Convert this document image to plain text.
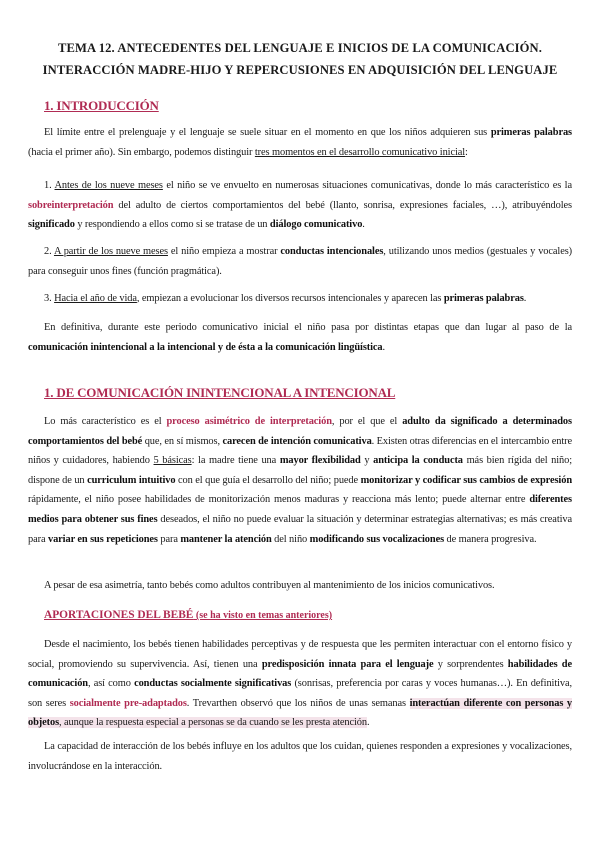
TEMA 12. ANTECEDENTES DEL LENGUAJE E INICIOS DE LA COMUNICACIÓN.
INTERACCIÓN MADRE-HIJO Y REPERCUSIONES EN ADQUISICIÓN DEL LENGUAJE
1. INTRODUCCIÓN
El límite entre el prelenguaje y el lenguaje se suele situar en el momento en que los niños adquieren sus primeras palabras (hacia el primer año). Sin embargo, podemos distinguir tres momentos en el desarrollo comunicativo inicial:
1. Antes de los nueve meses el niño se ve envuelto en numerosas situaciones comunicativas, donde lo más característico es la sobreinterpretación del adulto de ciertos comportamientos del bebé (llanto, sonrisa, expresiones faciales, …), atribuyéndoles significado y respondiendo a ellos como si se tratase de un diálogo comunicativo.
2. A partir de los nueve meses el niño empieza a mostrar conductas intencionales, utilizando unos medios (gestuales y vocales) para conseguir unos fines (función pragmática).
3. Hacia el año de vida, empiezan a evolucionar los diversos recursos intencionales y aparecen las primeras palabras.
En definitiva, durante este periodo comunicativo inicial el niño pasa por distintas etapas que dan lugar al paso de la comunicación inintencional a la intencional y de ésta a la comunicación lingüística.
1. DE COMUNICACIÓN ININTENCIONAL A INTENCIONAL
Lo más característico es el proceso asimétrico de interpretación, por el que el adulto da significado a determinados comportamientos del bebé que, en sí mismos, carecen de intención comunicativa. Existen otras diferencias en el intercambio entre niños y cuidadores, habiendo 5 básicas: la madre tiene una mayor flexibilidad y anticipa la conducta más bien rígida del niño; dispone de un curriculum intuitivo con el que guía el desarrollo del niño; puede monitorizar y codificar sus cambios de expresión rápidamente, el niño posee habilidades de monitorización menos maduras y reacciona más lento; puede alternar entre diferentes medios para obtener sus fines deseados, el niño no puede evaluar la situación y determinar estrategias alternativas; es más creativa para variar en sus repeticiones para mantener la atención del niño modificando sus vocalizaciones de manera progresiva.
A pesar de esa asimetría, tanto bebés como adultos contribuyen al mantenimiento de los inicios comunicativos.
APORTACIONES DEL BEBÉ (se ha visto en temas anteriores)
Desde el nacimiento, los bebés tienen habilidades perceptivas y de respuesta que les permiten interactuar con el entorno físico y social, promoviendo su supervivencia. Así, tienen una predisposición innata para el lenguaje y sorprendentes habilidades de comunicación, así como conductas socialmente significativas (sonrisas, preferencia por caras y voces humanas…). En definitiva, son seres socialmente pre-adaptados. Trevarthen observó que los niños de unas semanas interactúan diferente con personas y objetos, aunque la respuesta especial a personas se da cuando se les presta atención.
La capacidad de interacción de los bebés influye en los adultos que los cuidan, quienes responden a expresiones y vocalizaciones, involucrándose en la interacción.
